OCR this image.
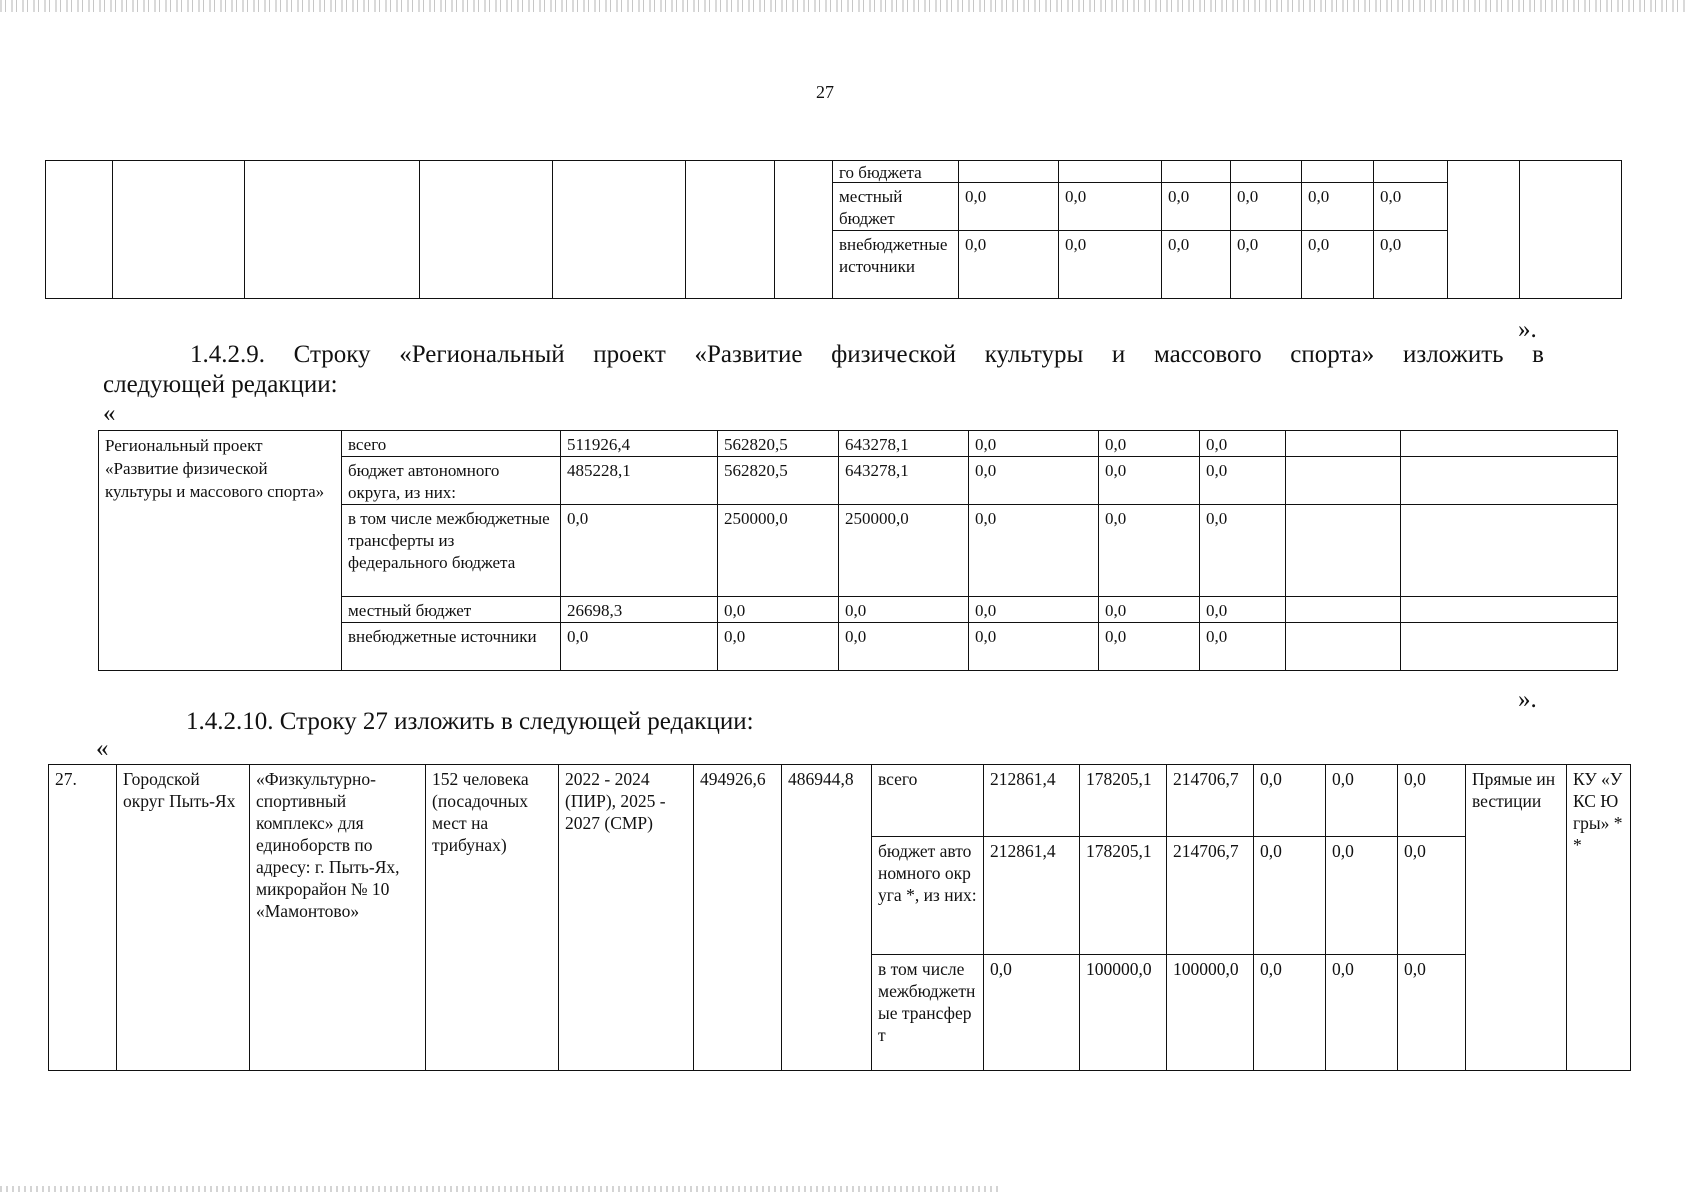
27
							го бюджета								
							местный бюджет	0,0	0,0	0,0	0,0	0,0	0,0		
							внебюджетные источники	0,0	0,0	0,0	0,0	0,0	0,0		
».
1.4.2.9. Строку «Региональный проект «Развитие физической культуры и массового спорта» изложить в
следующей редакции:
«
Региональный проект «Развитие физической культуры и массового спорта»	всего	511926,4	562820,5	643278,1	0,0	0,0	0,0		
	бюджет автономного округа, из них:	485228,1	562820,5	643278,1	0,0	0,0	0,0		
	в том числе межбюджетные трансферты из федерального бюджета	0,0	250000,0	250000,0	0,0	0,0	0,0		
	местный бюджет	26698,3	0,0	0,0	0,0	0,0	0,0		
	внебюджетные источники	0,0	0,0	0,0	0,0	0,0	0,0		
».
1.4.2.10. Строку 27 изложить в следующей редакции:
«
27.	Городской округ Пыть-Ях	«Физкультурно-спортивный комплекс» для единоборств по адресу: г. Пыть-Ях, микрорайон № 10 «Мамонтово»	152 человека (посадочных мест на трибунах)	2022 - 2024 (ПИР), 2025 - 2027 (СМР)	494926,6	486944,8	всего	212861,4	178205,1	214706,7	0,0	0,0	0,0	Прямые инвестиции	КУ «УКС Югры» **
							бюджет автономного округа *, из них:	212861,4	178205,1	214706,7	0,0	0,0	0,0		
							в том числе межбюджетные трансферт	0,0	100000,0	100000,0	0,0	0,0	0,0		
